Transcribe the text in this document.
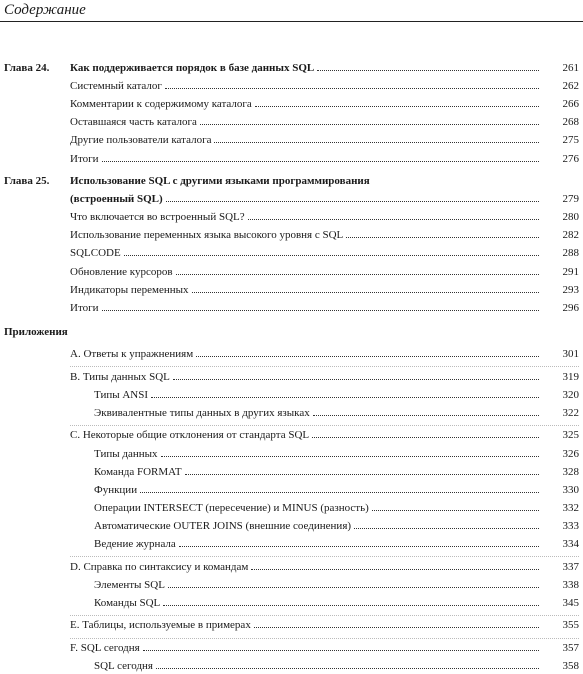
Содержание
Глава 24. Как поддерживается порядок в базе данных SQL	261
Системный каталог	262
Комментарии к содержимому каталога	266
Оставшаяся часть каталога	268
Другие пользователи каталога	275
Итоги	276
Глава 25. Использование SQL с другими языками программирования
(встроенный SQL)	279
Что включается во встроенный SQL?	280
Использование переменных языка высокого уровня с SQL	282
SQLCODE	288
Обновление курсоров	291
Индикаторы переменных	293
Итоги	296
Приложения
A. Ответы к упражнениям	301
B. Типы данных SQL	319
Типы ANSI	320
Эквивалентные типы данных в других языках	322
C. Некоторые общие отклонения от стандарта SQL	325
Типы данных	326
Команда FORMAT	328
Функции	330
Операции INTERSECT (пересечение) и MINUS (разность)	332
Автоматические OUTER JOINS (внешние соединения)	333
Ведение журнала	334
D. Справка по синтаксису и командам	337
Элементы SQL	338
Команды SQL	345
E. Таблицы, используемые в примерах	355
F. SQL сегодня	357
SQL сегодня	358
